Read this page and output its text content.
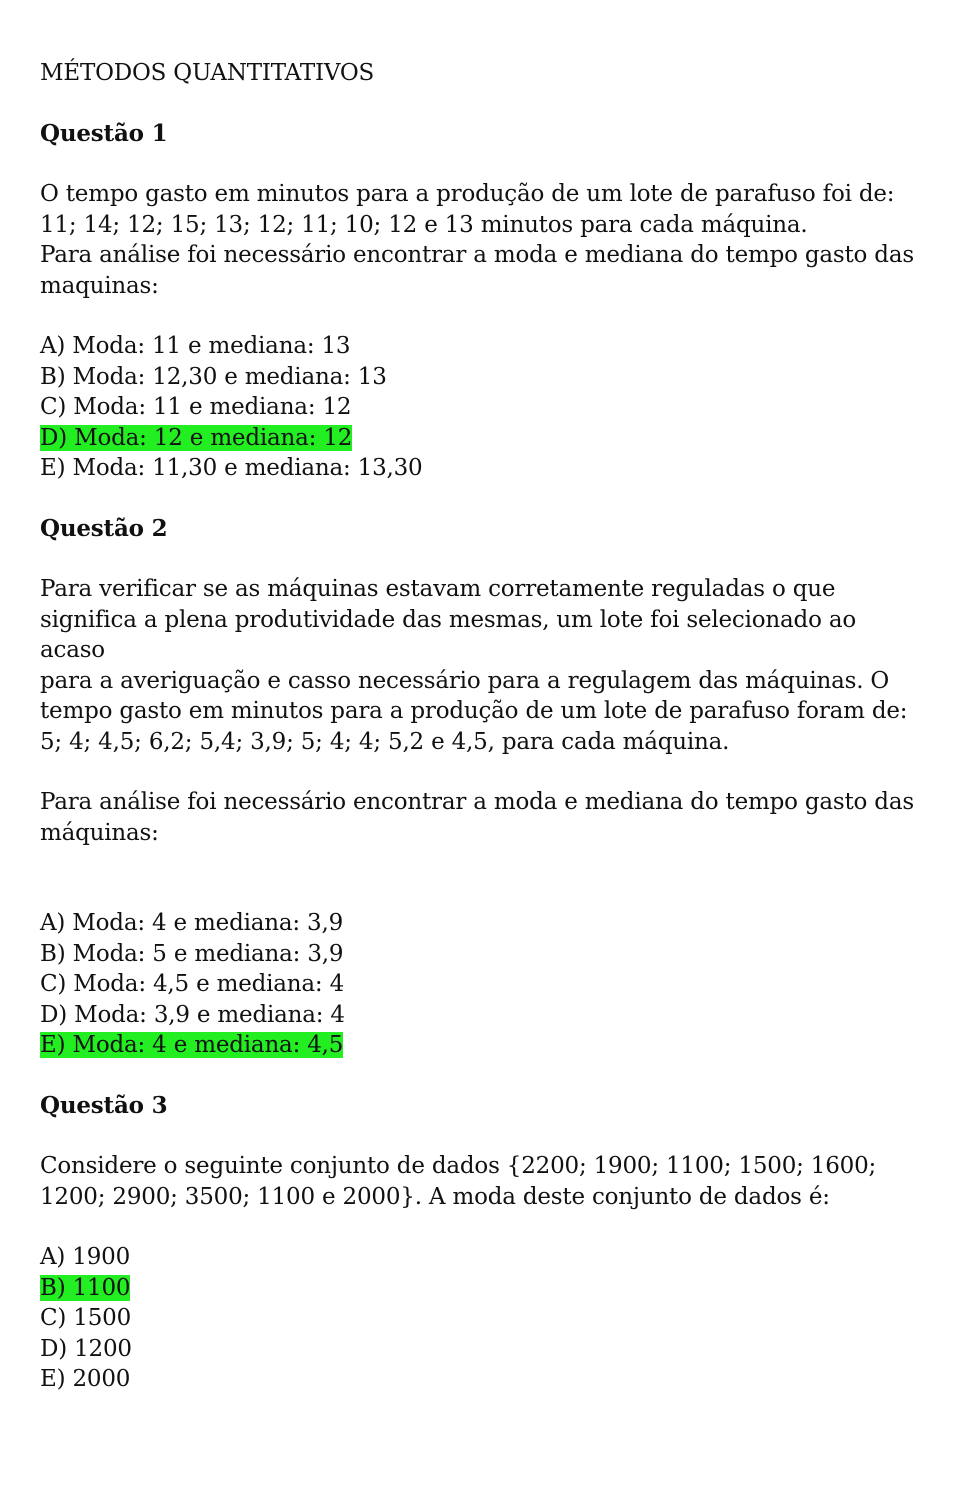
MÉTODOS QUANTITATIVOS
Questão 1
O tempo gasto em minutos para a produção de um lote de parafuso foi de:
11; 14; 12; 15; 13; 12; 11; 10; 12 e 13 minutos para cada máquina.
Para análise foi necessário encontrar a moda e mediana do tempo gasto das
maquinas:
A) Moda: 11 e mediana: 13
B) Moda: 12,30 e mediana: 13
C) Moda: 11 e mediana: 12
D) Moda: 12 e mediana: 12
E) Moda: 11,30 e mediana: 13,30
Questão 2
Para verificar se as máquinas estavam corretamente reguladas o que
significa a plena produtividade das mesmas, um lote foi selecionado ao acaso
para a averiguação e casso necessário para a regulagem das máquinas. O
tempo gasto em minutos para a produção de um lote de parafuso foram de:
5; 4; 4,5; 6,2; 5,4; 3,9; 5; 4; 4; 5,2 e 4,5, para cada máquina.
Para análise foi necessário encontrar a moda e mediana do tempo gasto das
máquinas:
A) Moda: 4 e mediana: 3,9
B) Moda: 5 e mediana: 3,9
C) Moda: 4,5 e mediana: 4
D) Moda: 3,9 e mediana: 4
E) Moda: 4 e mediana: 4,5
Questão 3
Considere o seguinte conjunto de dados {2200; 1900; 1100; 1500; 1600;
1200; 2900; 3500; 1100 e 2000}. A moda deste conjunto de dados é:
A) 1900
B) 1100
C) 1500
D) 1200
E) 2000
